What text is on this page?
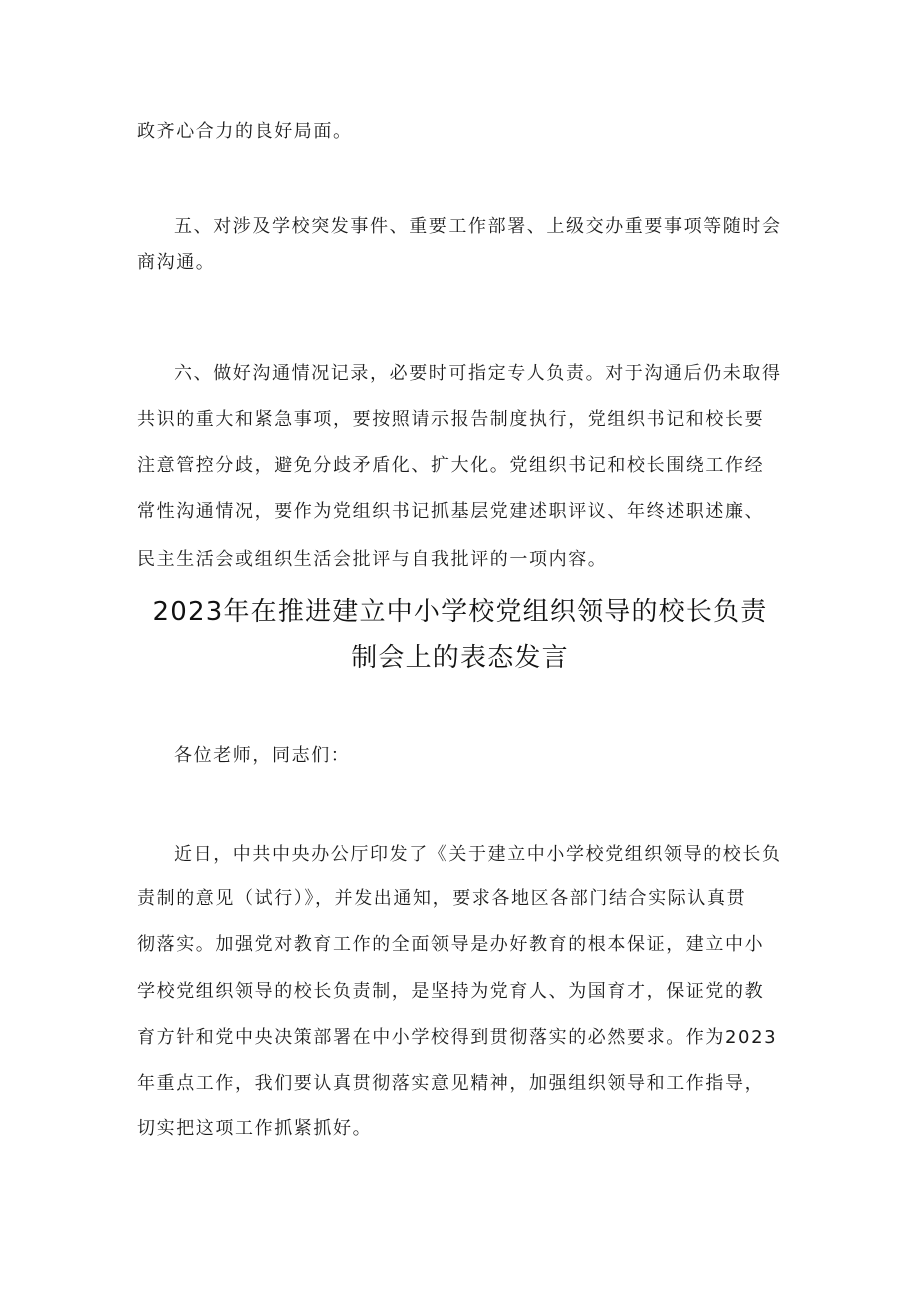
政齐心合力的良好局面。
五、对涉及学校突发事件、重要工作部署、上级交办重要事项等随时会
商沟通。
六、做好沟通情况记录，必要时可指定专人负责。对于沟通后仍未取得
共识的重大和紧急事项，要按照请示报告制度执行，党组织书记和校长要
注意管控分歧，避免分歧矛盾化、扩大化。党组织书记和校长围绕工作经
常性沟通情况，要作为党组织书记抓基层党建述职评议、年终述职述廉、
民主生活会或组织生活会批评与自我批评的一项内容。
2023年在推进建立中小学校党组织领导的校长负责
制会上的表态发言
各位老师，同志们：
近日，中共中央办公厅印发了《关于建立中小学校党组织领导的校长负
责制的意见（试行）》，并发出通知，要求各地区各部门结合实际认真贯
彻落实。加强党对教育工作的全面领导是办好教育的根本保证，建立中小
学校党组织领导的校长负责制，是坚持为党育人、为国育才，保证党的教
育方针和党中央决策部署在中小学校得到贯彻落实的必然要求。作为2023
年重点工作，我们要认真贯彻落实意见精神，加强组织领导和工作指导，
切实把这项工作抓紧抓好。
